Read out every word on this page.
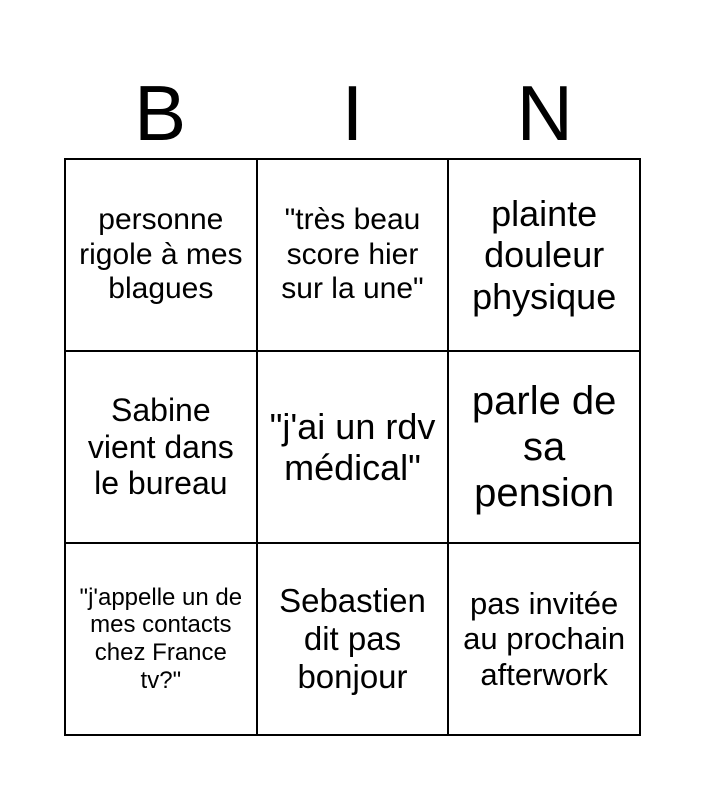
B	I	N
personne rigole à mes blagues
"très beau score hier sur la une"
plainte douleur physique
Sabine vient dans le bureau
"j'ai un rdv médical"
parle de sa pension
"j'appelle un de mes contacts chez France tv?"
Sebastien dit pas bonjour
pas invitée au prochain afterwork
